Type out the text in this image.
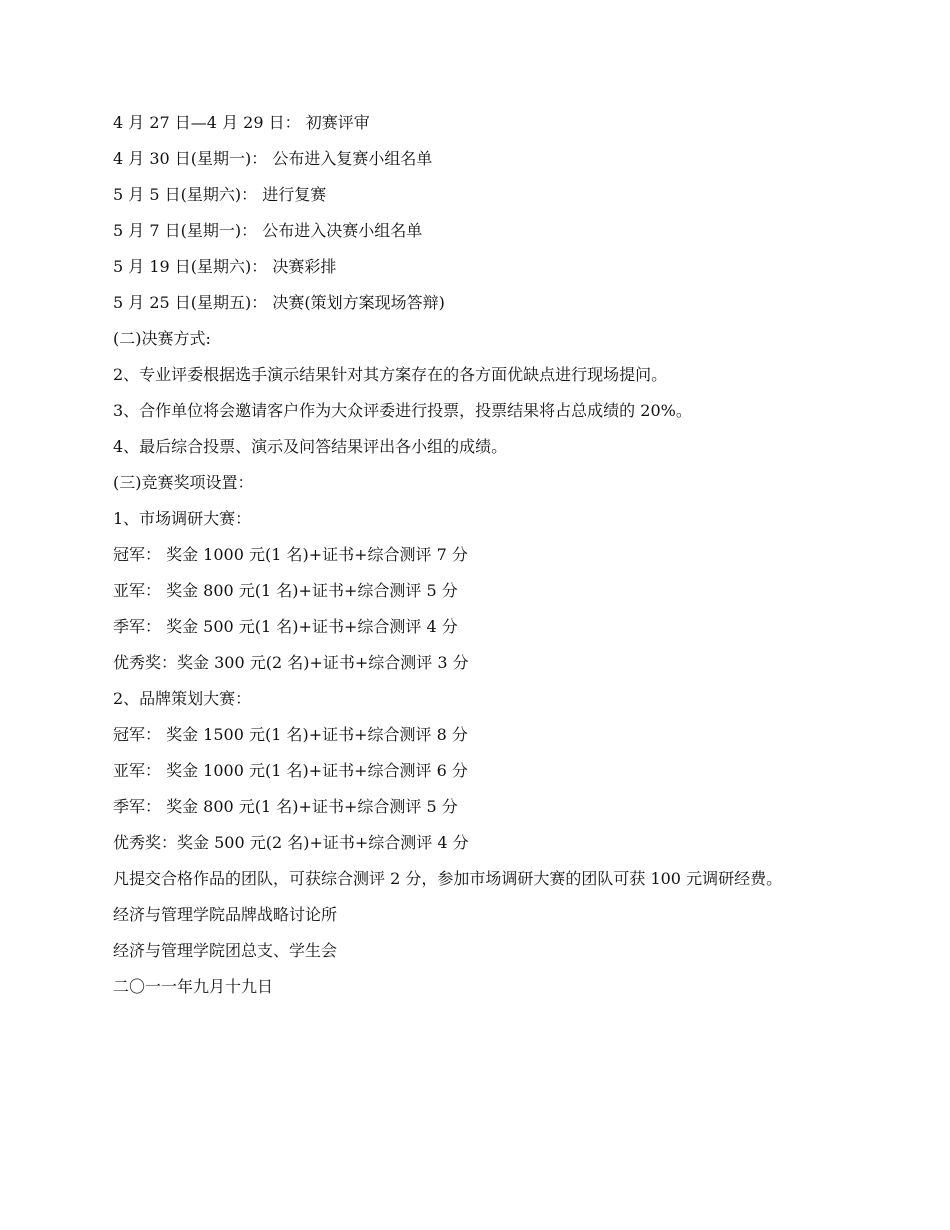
4 月 27 日—4 月 29 日： 初赛评审
4 月 30 日(星期一)： 公布进入复赛小组名单
5 月 5 日(星期六)： 进行复赛
5 月 7 日(星期一)： 公布进入决赛小组名单
5 月 19 日(星期六)： 决赛彩排
5 月 25 日(星期五)： 决赛(策划方案现场答辩)
(二)决赛方式:
2、专业评委根据选手演示结果针对其方案存在的各方面优缺点进行现场提问。
3、合作单位将会邀请客户作为大众评委进行投票，投票结果将占总成绩的 20%。
4、最后综合投票、演示及问答结果评出各小组的成绩。
(三)竞赛奖项设置：
1、市场调研大赛：
冠军： 奖金 1000 元(1 名)+证书+综合测评 7 分
亚军： 奖金 800 元(1 名)+证书+综合测评 5 分
季军： 奖金 500 元(1 名)+证书+综合测评 4 分
优秀奖：奖金 300 元(2 名)+证书+综合测评 3 分
2、品牌策划大赛：
冠军： 奖金 1500 元(1 名)+证书+综合测评 8 分
亚军： 奖金 1000 元(1 名)+证书+综合测评 6 分
季军： 奖金 800 元(1 名)+证书+综合测评 5 分
优秀奖：奖金 500 元(2 名)+证书+综合测评 4 分
凡提交合格作品的团队，可获综合测评 2 分，参加市场调研大赛的团队可获 100 元调研经费。
经济与管理学院品牌战略讨论所
经济与管理学院团总支、学生会
二〇一一年九月十九日
